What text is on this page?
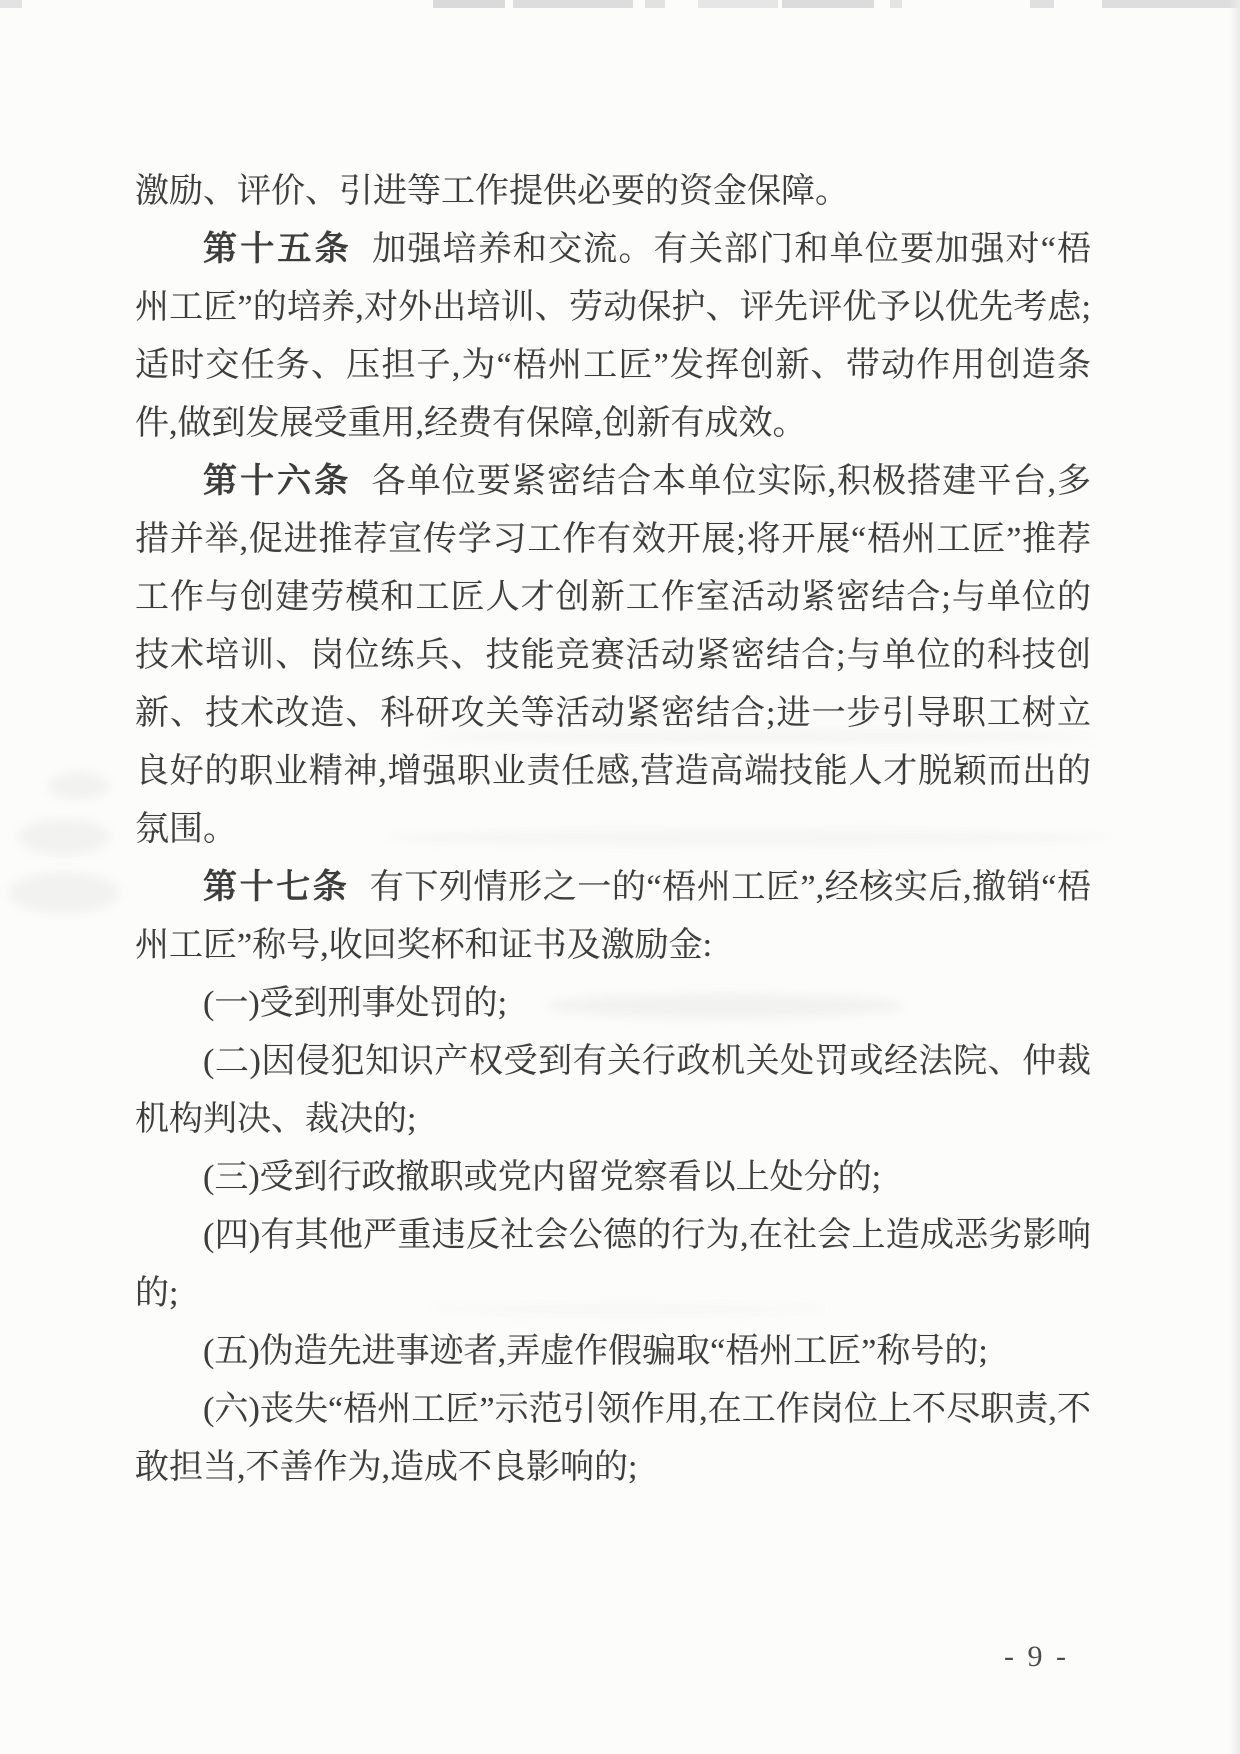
激励、评价、引进等工作提供必要的资金保障。

第十五条 加强培养和交流。有关部门和单位要加强对“梧州工匠”的培养,对外出培训、劳动保护、评先评优予以优先考虑;适时交任务、压担子,为“梧州工匠”发挥创新、带动作用创造条件,做到发展受重用,经费有保障,创新有成效。

第十六条 各单位要紧密结合本单位实际,积极搭建平台,多措并举,促进推荐宣传学习工作有效开展;将开展“梧州工匠”推荐工作与创建劳模和工匠人才创新工作室活动紧密结合;与单位的技术培训、岗位练兵、技能竞赛活动紧密结合;与单位的科技创新、技术改造、科研攻关等活动紧密结合;进一步引导职工树立良好的职业精神,增强职业责任感,营造高端技能人才脱颖而出的氛围。

第十七条 有下列情形之一的“梧州工匠”,经核实后,撤销“梧州工匠”称号,收回奖杯和证书及激励金:

(一)受到刑事处罚的;

(二)因侵犯知识产权受到有关行政机关处罚或经法院、仲裁机构判决、裁决的;

(三)受到行政撤职或党内留党察看以上处分的;

(四)有其他严重违反社会公德的行为,在社会上造成恶劣影响的;

(五)伪造先进事迹者,弄虚作假骗取“梧州工匠”称号的;

(六)丧失“梧州工匠”示范引领作用,在工作岗位上不尽职责,不敢担当,不善作为,造成不良影响的;

- 9 -
